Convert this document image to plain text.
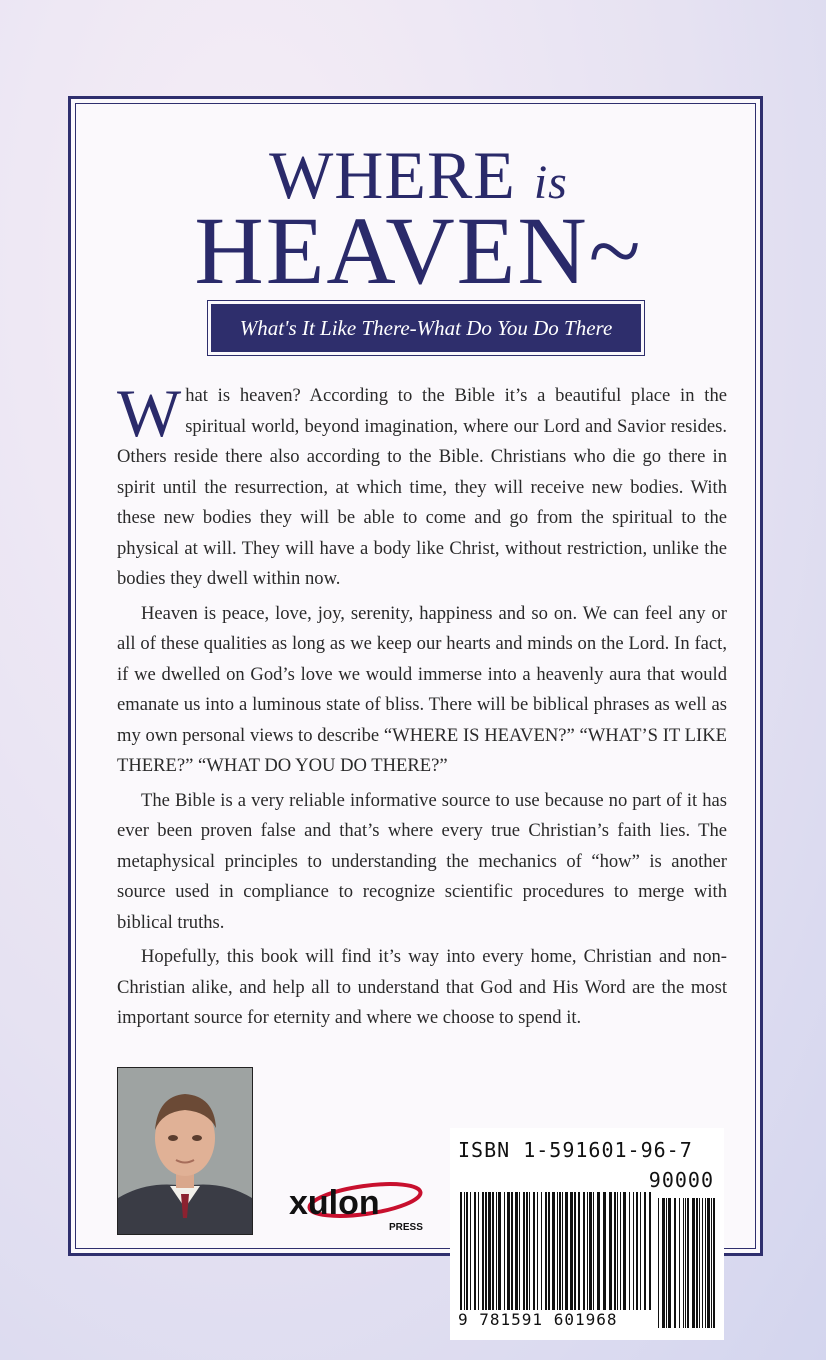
WHERE is
HEAVEN~
What's It Like There-What Do You Do There

W hat is heaven? According to the Bible it’s a beautiful place in the spiritual world, beyond imagination, where our Lord and Savior resides. Others reside there also according to the Bible. Christians who die go there in spirit until the resurrection, at which time, they will receive new bodies. With these new bodies they will be able to come and go from the spiritual to the physical at will. They will have a body like Christ, without restriction, unlike the bodies they dwell within now.

Heaven is peace, love, joy, serenity, happiness and so on. We can feel any or all of these qualities as long as we keep our hearts and minds on the Lord. In fact, if we dwelled on God’s love we would immerse into a heavenly aura that would emanate us into a luminous state of bliss. There will be biblical phrases as well as my own personal views to describe “WHERE IS HEAVEN?” “WHAT’S IT LIKE THERE?” “WHAT DO YOU DO THERE?”

The Bible is a very reliable informative source to use because no part of it has ever been proven false and that’s where every true Christian’s faith lies. The metaphysical principles to understanding the mechanics of “how” is another source used in compliance to recognize scientific procedures to merge with biblical truths.

Hopefully, this book will find it’s way into every home, Christian and non-Christian alike, and help all to understand that God and His Word are the most important source for eternity and where we choose to spend it.

xulon
PRESS
ISBN 1-591601-96-7
90000
9 781591 601968
